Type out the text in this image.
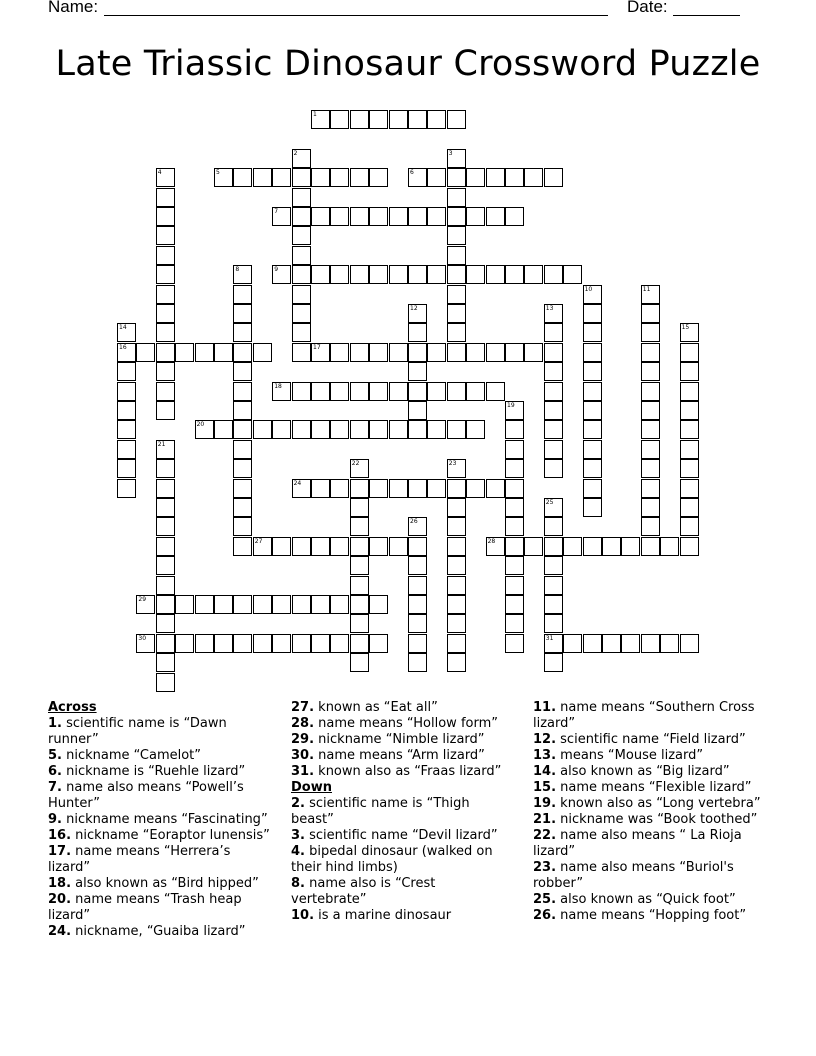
Name:	Date:
Late Triassic Dinosaur Crossword Puzzle
1
5	6
7
9
16	17
18
20
24
27	28
29
30	31
2	3
4
8
10	11
12	13
14	15
19
21
22	23
25
26
Across
1. scientific name is “Dawn runner”
5. nickname “Camelot”
6. nickname is “Ruehle lizard”
7. name also means “Powell’s Hunter”
9. nickname means “Fascinating”
16. nickname “Eoraptor lunensis”
17. name means “Herrera’s lizard”
18. also known as “Bird hipped”
20. name means “Trash heap lizard”
24. nickname, “Guaiba lizard”
27. known as “Eat all”
28. name means “Hollow form”
29. nickname “Nimble lizard”
30. name means “Arm lizard”
31. known also as “Fraas lizard”
Down
2. scientific name is “Thigh beast”
3. scientific name “Devil lizard”
4. bipedal dinosaur (walked on their hind limbs)
8. name also is “Crest vertebrate”
10. is a marine dinosaur
11. name means “Southern Cross lizard”
12. scientific name “Field lizard”
13. means “Mouse lizard”
14. also known as “Big lizard”
15. name means “Flexible lizard”
19. known also as “Long vertebra”
21. nickname was “Book toothed”
22. name also means “ La Rioja lizard”
23. name also means “Buriol's robber”
25. also known as “Quick foot”
26. name means “Hopping foot”
